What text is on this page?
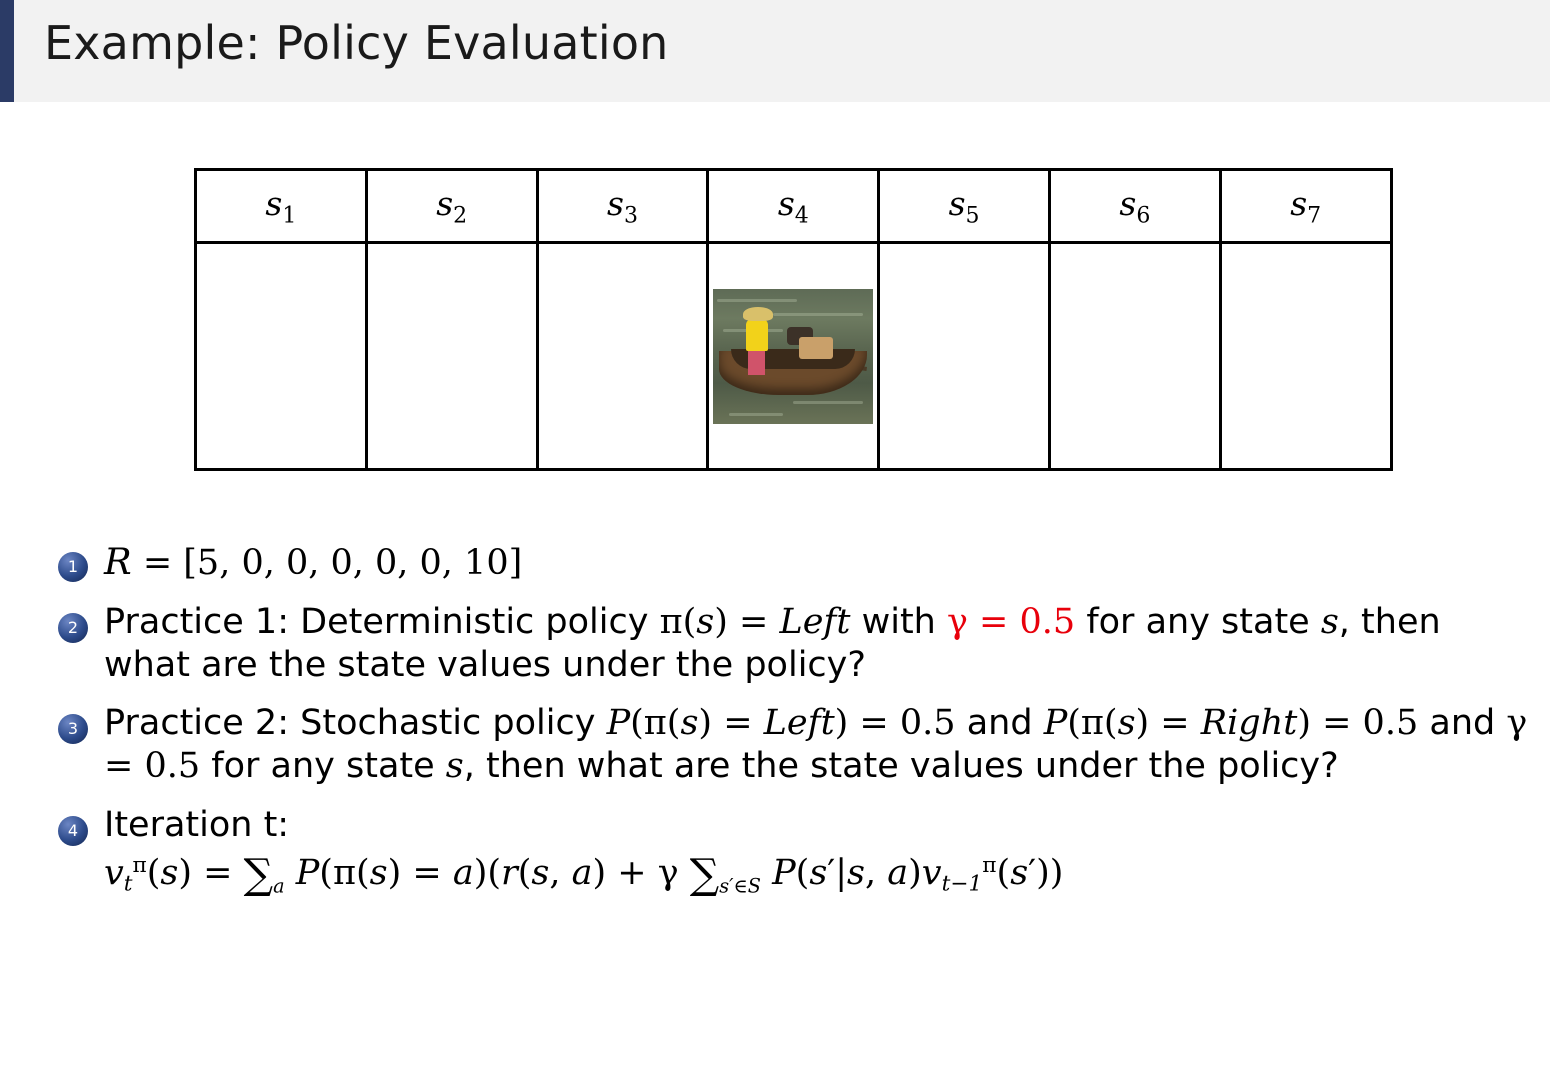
Example: Policy Evaluation
$s_1$	$s_2$	$s_3$	$s_4$	$s_5$	$s_6$	$s_7$

1 R = [5, 0, 0, 0, 0, 0, 10]
2 Practice 1: Deterministic policy π(s) = Left with γ = 0.5 for any state s, then what are the state values under the policy?
3 Practice 2: Stochastic policy P(π(s) = Left) = 0.5 and P(π(s) = Right) = 0.5 and γ = 0.5 for any state s, then what are the state values under the policy?
4 Iteration t:
$v_t^\pi(s) = \sum_a$ P(π(s) = a)(r(s, a) + γ $\sum_{s'\in S}$ P(s′|s, $a)v_{t-1}^\pi(s')$)
